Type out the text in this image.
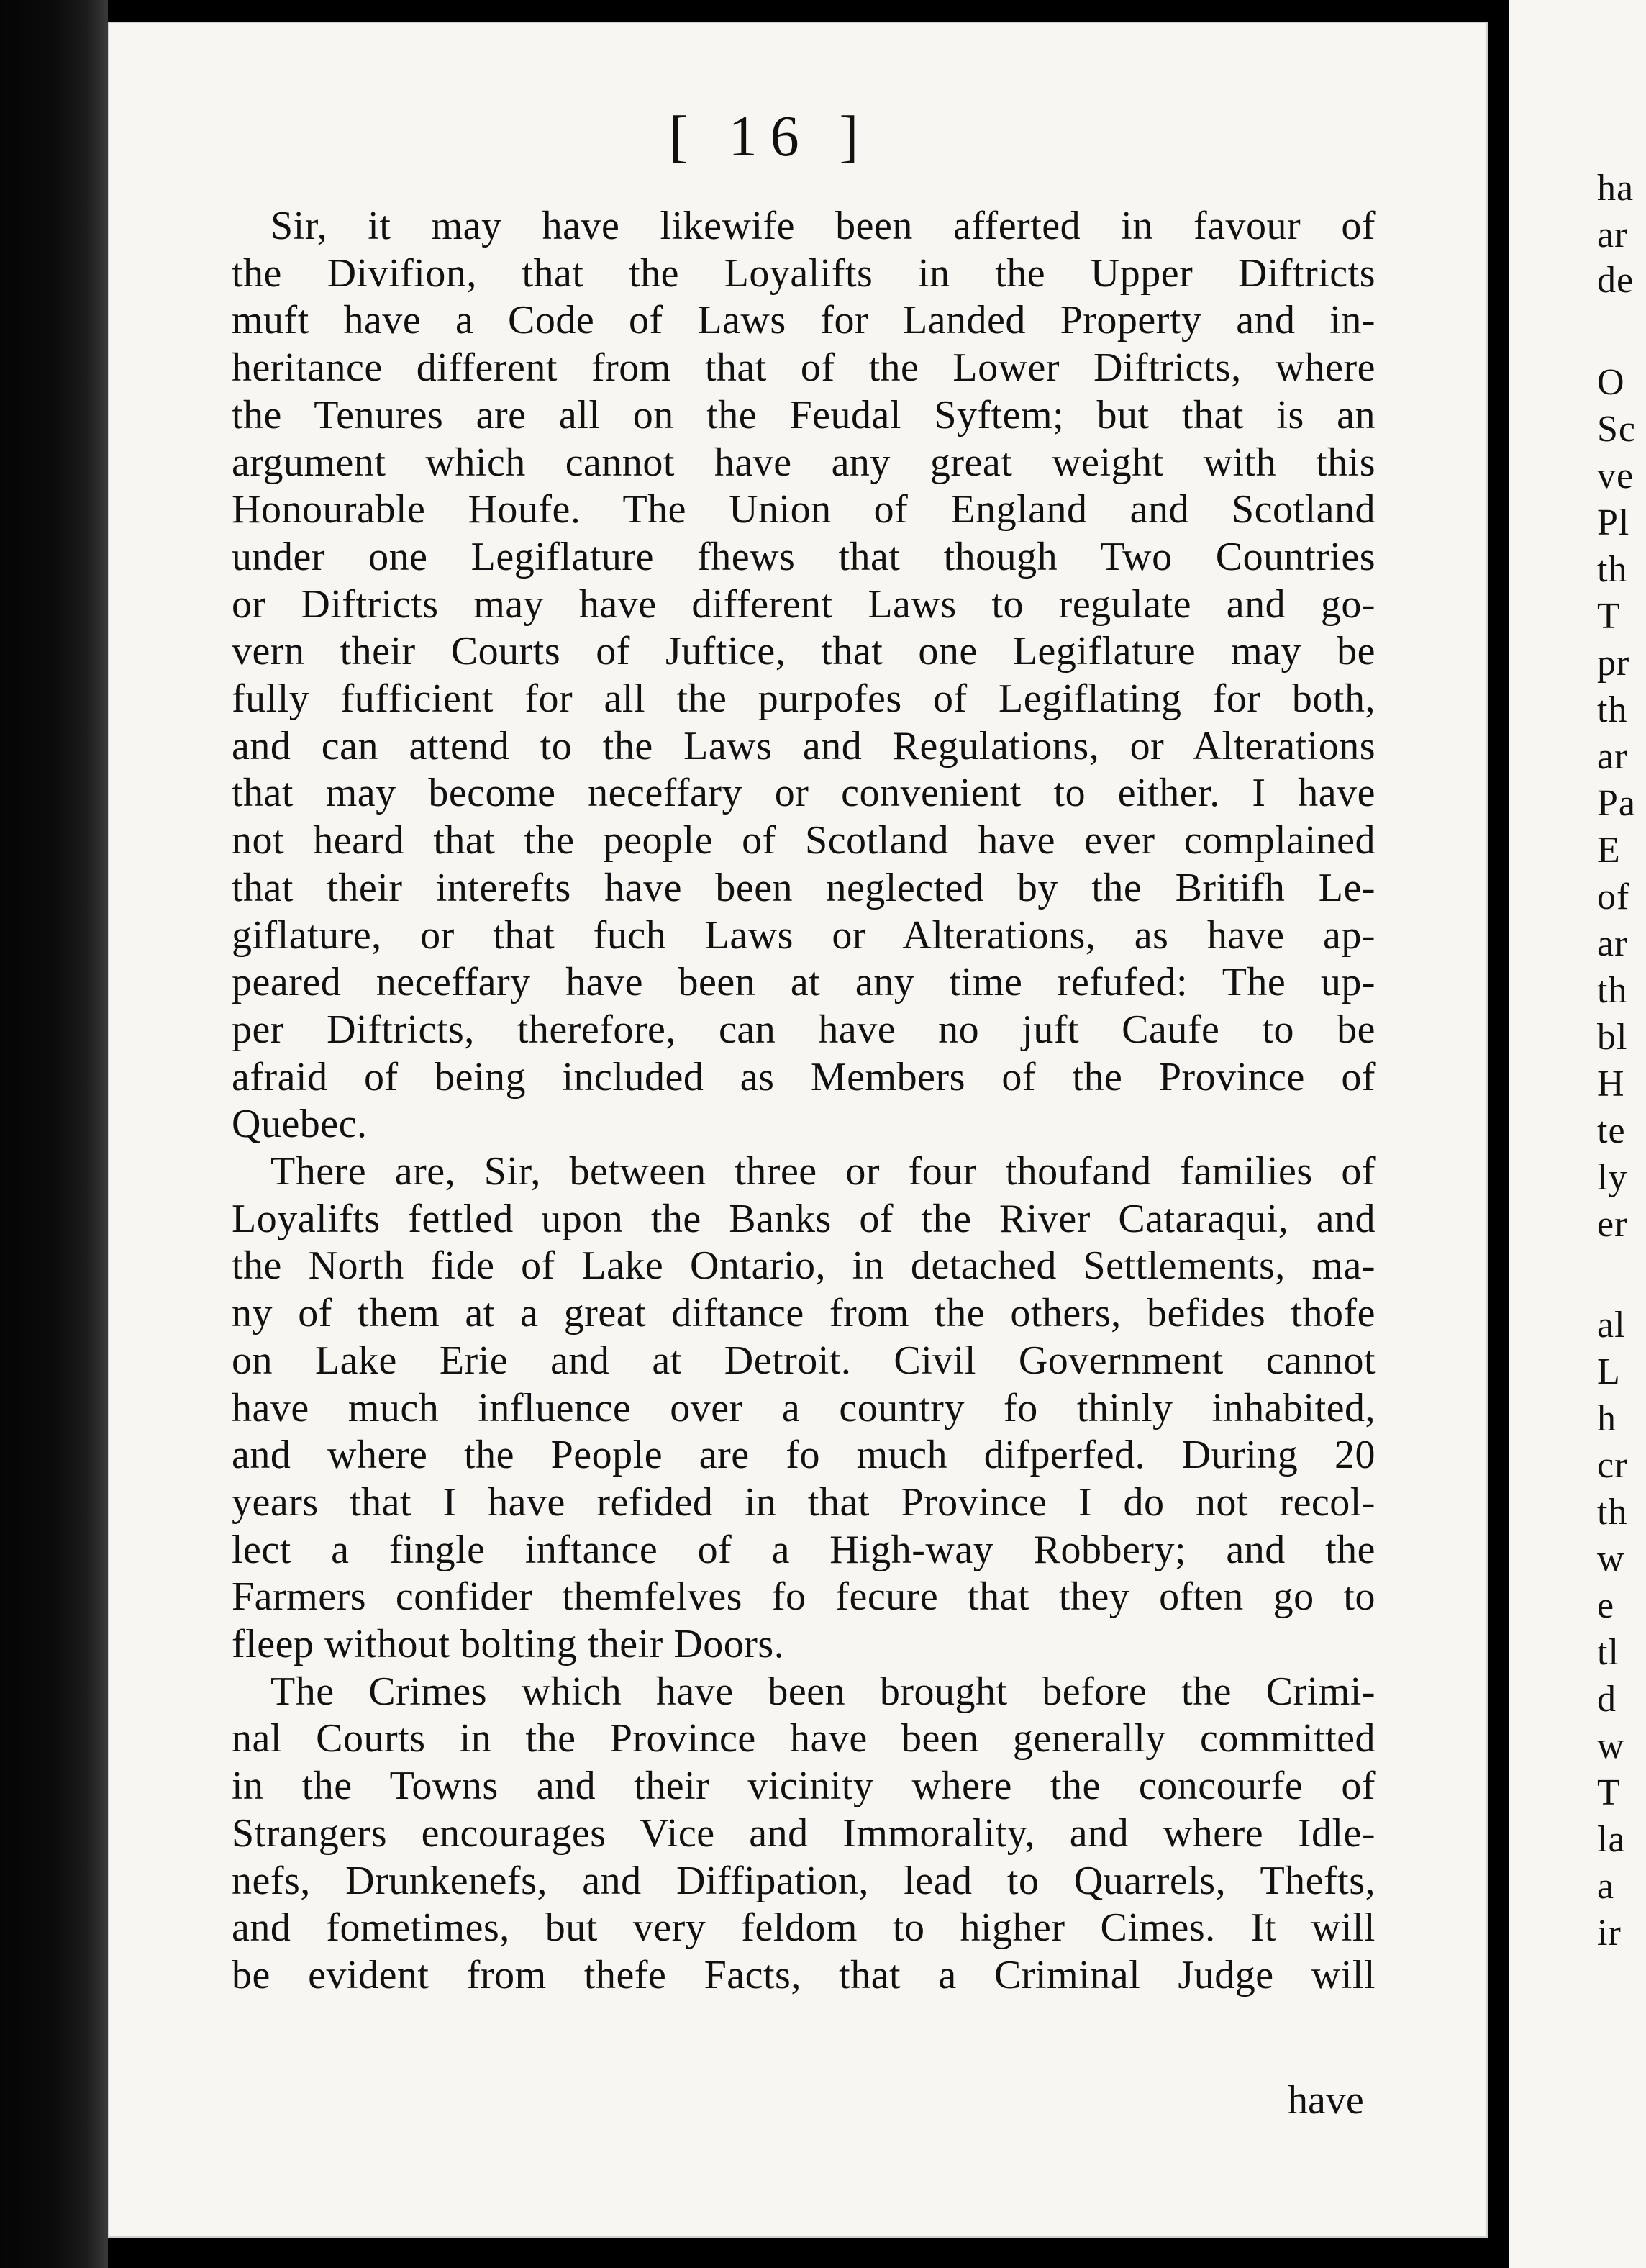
[ 16 ]
Sir, it may have likewife been afferted in favour of
the Divifion, that the Loyalifts in the Upper Diftricts
muft have a Code of Laws for Landed Property and in-
heritance different from that of the Lower Diftricts, where
the Tenures are all on the Feudal Syftem; but that is an
argument which cannot have any great weight with this
Honourable Houfe. The Union of England and Scotland
under one Legiflature fhews that though Two Countries
or Diftricts may have different Laws to regulate and go-
vern their Courts of Juftice, that one Legiflature may be
fully fufficient for all the purpofes of Legiflating for both,
and can attend to the Laws and Regulations, or Alterations
that may become neceffary or convenient to either. I have
not heard that the people of Scotland have ever complained
that their interefts have been neglected by the Britifh Le-
giflature, or that fuch Laws or Alterations, as have ap-
peared neceffary have been at any time refufed: The up-
per Diftricts, therefore, can have no juft Caufe to be
afraid of being included as Members of the Province of
Quebec.
There are, Sir, between three or four thoufand families of
Loyalifts fettled upon the Banks of the River Cataraqui, and
the North fide of Lake Ontario, in detached Settlements, ma-
ny of them at a great diftance from the others, befides thofe
on Lake Erie and at Detroit. Civil Government cannot
have much influence over a country fo thinly inhabited,
and where the People are fo much difperfed. During 20
years that I have refided in that Province I do not recol-
lect a fingle inftance of a High-way Robbery; and the
Farmers confider themfelves fo fecure that they often go to
fleep without bolting their Doors.
The Crimes which have been brought before the Crimi-
nal Courts in the Province have been generally committed
in the Towns and their vicinity where the concourfe of
Strangers encourages Vice and Immorality, and where Idle-
nefs, Drunkenefs, and Diffipation, lead to Quarrels, Thefts,
and fometimes, but very feldom to higher Cimes. It will
be evident from thefe Facts, that a Criminal Judge will
have
ha
ar
de
O
Sc
ve
Pl
th
T
pr
th
ar
Pa
E
of
ar
th
bl
H
te
ly
er
al
L
h
cr
th
w
e
tl
d
w
T
la
a
ir
